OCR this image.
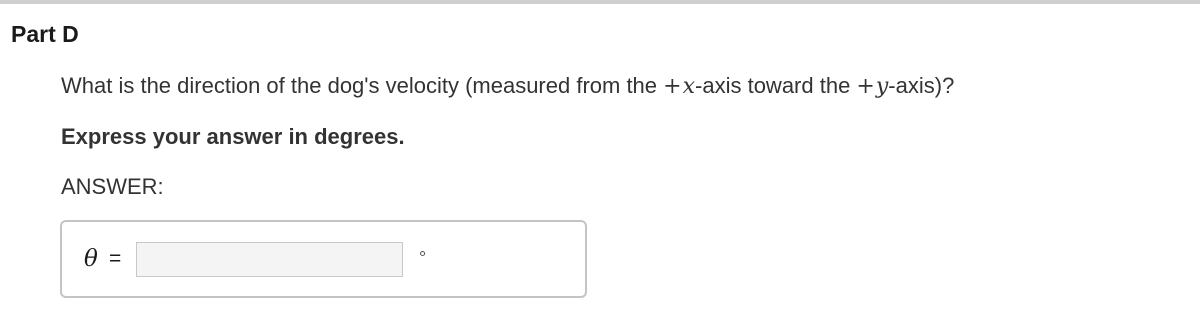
Part D
What is the direction of the dog's velocity (measured from the +x-axis toward the +y-axis)?
Express your answer in degrees.
ANSWER:
θ =	°
